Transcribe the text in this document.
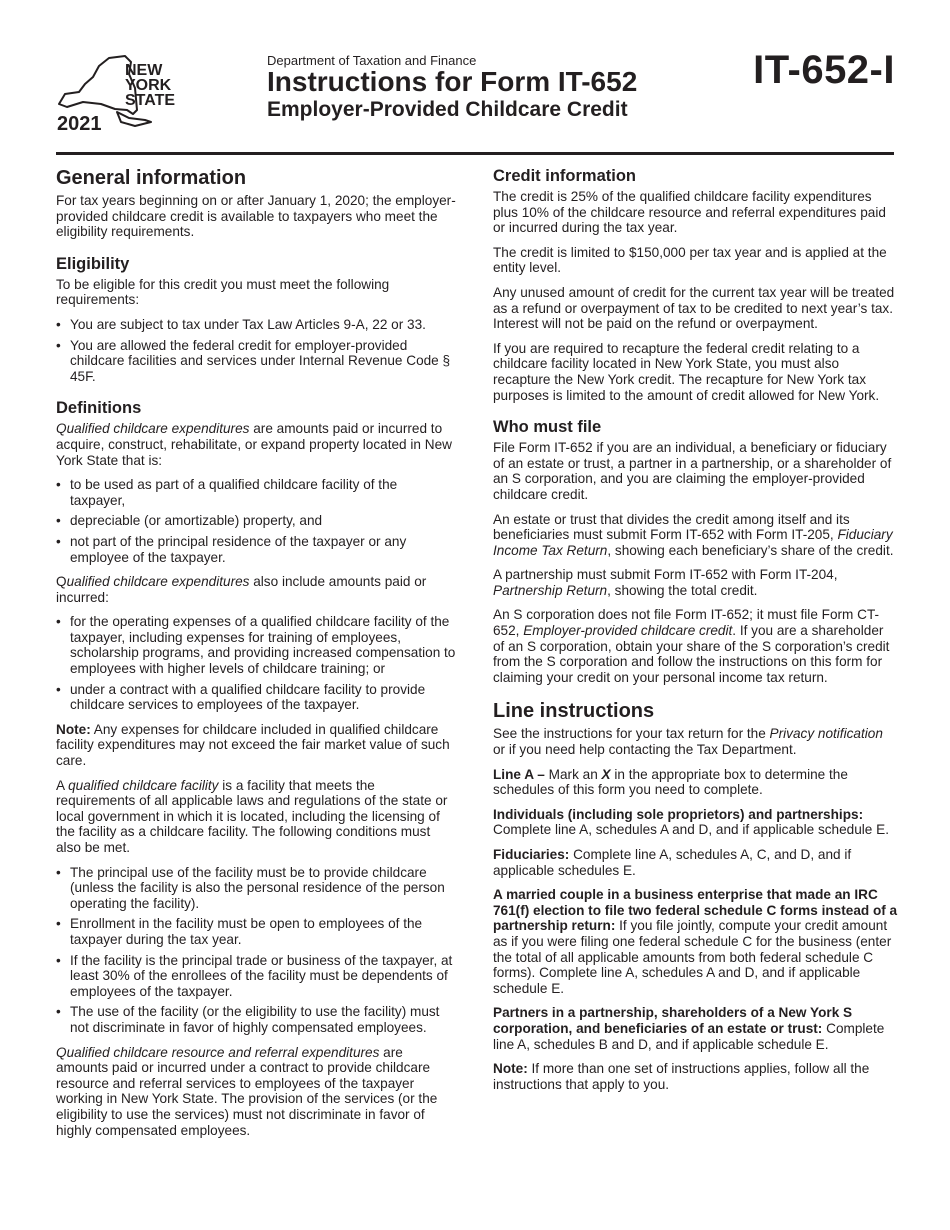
NEW
YORK
STATE
2021
Department of Taxation and Finance
Instructions for Form IT-652
Employer-Provided Childcare Credit
IT-652-I
General information

For tax years beginning on or after January 1, 2020; the employer-provided childcare credit is available to taxpayers who meet the eligibility requirements.

Eligibility

To be eligible for this credit you must meet the following requirements:

• You are subject to tax under Tax Law Articles 9-A, 22 or 33.
• You are allowed the federal credit for employer-provided childcare facilities and services under Internal Revenue Code § 45F.
Definitions

Qualified childcare expenditures are amounts paid or incurred to acquire, construct, rehabilitate, or expand property located in New York State that is:

• to be used as part of a qualified childcare facility of the taxpayer,
• depreciable (or amortizable) property, and
• not part of the principal residence of the taxpayer or any employee of the taxpayer.

Qualified childcare expenditures also include amounts paid or incurred:

• for the operating expenses of a qualified childcare facility of the taxpayer, including expenses for training of employees, scholarship programs, and providing increased compensation to employees with higher levels of childcare training; or
• under a contract with a qualified childcare facility to provide childcare services to employees of the taxpayer.

Note: Any expenses for childcare included in qualified childcare facility expenditures may not exceed the fair market value of such care.

A qualified childcare facility is a facility that meets the requirements of all applicable laws and regulations of the state or local government in which it is located, including the licensing of the facility as a childcare facility. The following conditions must also be met.

• The principal use of the facility must be to provide childcare (unless the facility is also the personal residence of the person operating the facility).
• Enrollment in the facility must be open to employees of the taxpayer during the tax year.
• If the facility is the principal trade or business of the taxpayer, at least 30% of the enrollees of the facility must be dependents of employees of the taxpayer.
• The use of the facility (or the eligibility to use the facility) must not discriminate in favor of highly compensated employees.

Qualified childcare resource and referral expenditures are amounts paid or incurred under a contract to provide childcare resource and referral services to employees of the taxpayer working in New York State. The provision of the services (or the eligibility to use the services) must not discriminate in favor of highly compensated employees.

Credit information

The credit is 25% of the qualified childcare facility expenditures plus 10% of the childcare resource and referral expenditures paid or incurred during the tax year.

The credit is limited to $150,000 per tax year and is applied at the entity level.

Any unused amount of credit for the current tax year will be treated as a refund or overpayment of tax to be credited to next year’s tax. Interest will not be paid on the refund or overpayment.

If you are required to recapture the federal credit relating to a childcare facility located in New York State, you must also recapture the New York credit. The recapture for New York tax purposes is limited to the amount of credit allowed for New York.

Who must file

File Form IT-652 if you are an individual, a beneficiary or fiduciary of an estate or trust, a partner in a partnership, or a shareholder of an S corporation, and you are claiming the employer-provided childcare credit.

An estate or trust that divides the credit among itself and its beneficiaries must submit Form IT-652 with Form IT-205, Fiduciary Income Tax Return, showing each beneficiary’s share of the credit.

A partnership must submit Form IT-652 with Form IT-204, Partnership Return, showing the total credit.

An S corporation does not file Form IT-652; it must file Form CT-652, Employer-provided childcare credit. If you are a shareholder of an S corporation, obtain your share of the S corporation’s credit from the S corporation and follow the instructions on this form for claiming your credit on your personal income tax return.

Line instructions

See the instructions for your tax return for the Privacy notification or if you need help contacting the Tax Department.

Line A – Mark an X in the appropriate box to determine the schedules of this form you need to complete.

Individuals (including sole proprietors) and partnerships: Complete line A, schedules A and D, and if applicable schedule E.

Fiduciaries: Complete line A, schedules A, C, and D, and if applicable schedules E.

A married couple in a business enterprise that made an IRC 761(f) election to file two federal schedule C forms instead of a partnership return: If you file jointly, compute your credit amount as if you were filing one federal schedule C for the business (enter the total of all applicable amounts from both federal schedule C forms). Complete line A, schedules A and D, and if applicable schedule E.

Partners in a partnership, shareholders of a New York S corporation, and beneficiaries of an estate or trust: Complete line A, schedules B and D, and if applicable schedule E.

Note: If more than one set of instructions applies, follow all the instructions that apply to you.
